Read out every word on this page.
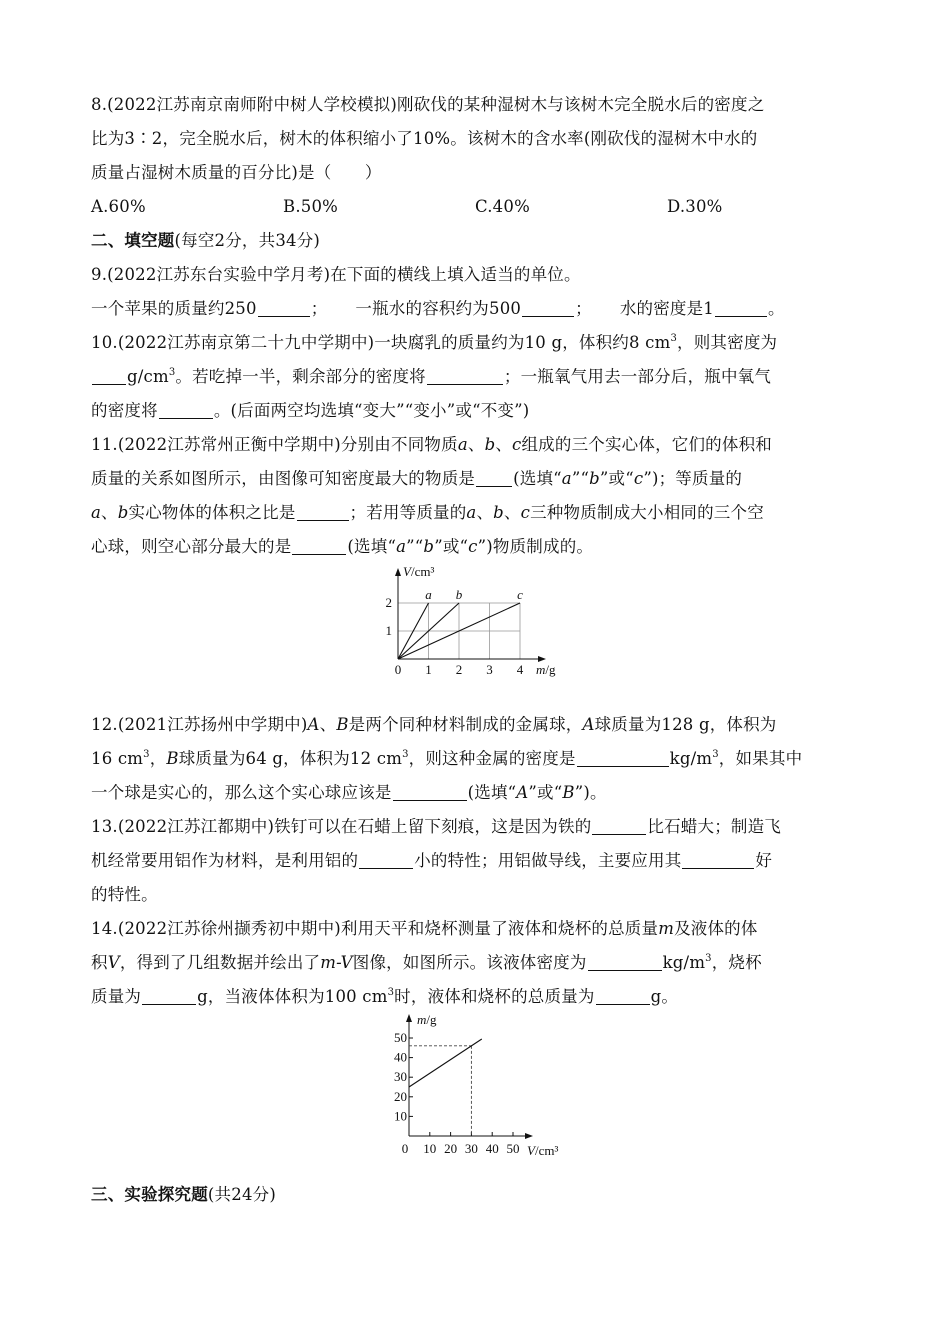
8.(2022江苏南京南师附中树人学校模拟)刚砍伐的某种湿树木与该树木完全脱水后的密度之
比为3∶2，完全脱水后，树木的体积缩小了10%。该树木的含水率(刚砍伐的湿树木中水的
质量占湿树木质量的百分比)是（　　）
A.60%	B.50%	C.40%	D.30%
二、填空题(每空2分，共34分)
9.(2022江苏东台实验中学月考)在下面的横线上填入适当的单位。
一个苹果的质量约250	； 一瓶水的容积约为500	； 水的密度是1	。
10.(2022江苏南京第二十九中学期中)一块腐乳的质量约为10 g，体积约8 $cm^3$，则其密度为
$g/cm^3$。若吃掉一半，剩余部分的密度将	；一瓶氧气用去一部分后，瓶中氧气
的密度将	。(后面两空均选填“变大”“变小”或“不变”)
11.(2022江苏常州正衡中学期中)分别由不同物质a、b、c组成的三个实心体，它们的体积和
质量的关系如图所示，由图像可知密度最大的物质是 (选填“a”“b”或“c”)；等质量的
a、b实心物体的体积之比是	；若用等质量的a、b、c三种物质制成大小相同的三个空
心球，则空心部分最大的是	(选填“a”“b”或“c”)物质制成的。
0 1 2 3 4
1
2
V/cm³
m/g
a b	c
12.(2021江苏扬州中学期中)A、B是两个同种材料制成的金属球，A球质量为128 g，体积为
16 $cm^3$，B球质量为64 g，体积为12 $cm^3$，则这种金属的密度是	$kg/m^3$，如果其中
一个球是实心的，那么这个实心球应该是	(选填“A”或“B”)。
13.(2022江苏江都期中)铁钉可以在石蜡上留下刻痕，这是因为铁的	比石蜡大；制造飞
机经常要用铝作为材料，是利用铝的	小的特性；用铝做导线，主要应用其	好
的特性。
14.(2022江苏徐州撷秀初中期中)利用天平和烧杯测量了液体和烧杯的总质量m及液体的体
积V，得到了几组数据并绘出了m-V图像，如图所示。该液体密度为	$kg/m^3$，烧杯
质量为	g，当液体体积为100 $cm^3$时，液体和烧杯的总质量为	g。
0 10 20 30 40 50
10
20
30
40
50
m/g
V/cm³
三、实验探究题(共24分)
